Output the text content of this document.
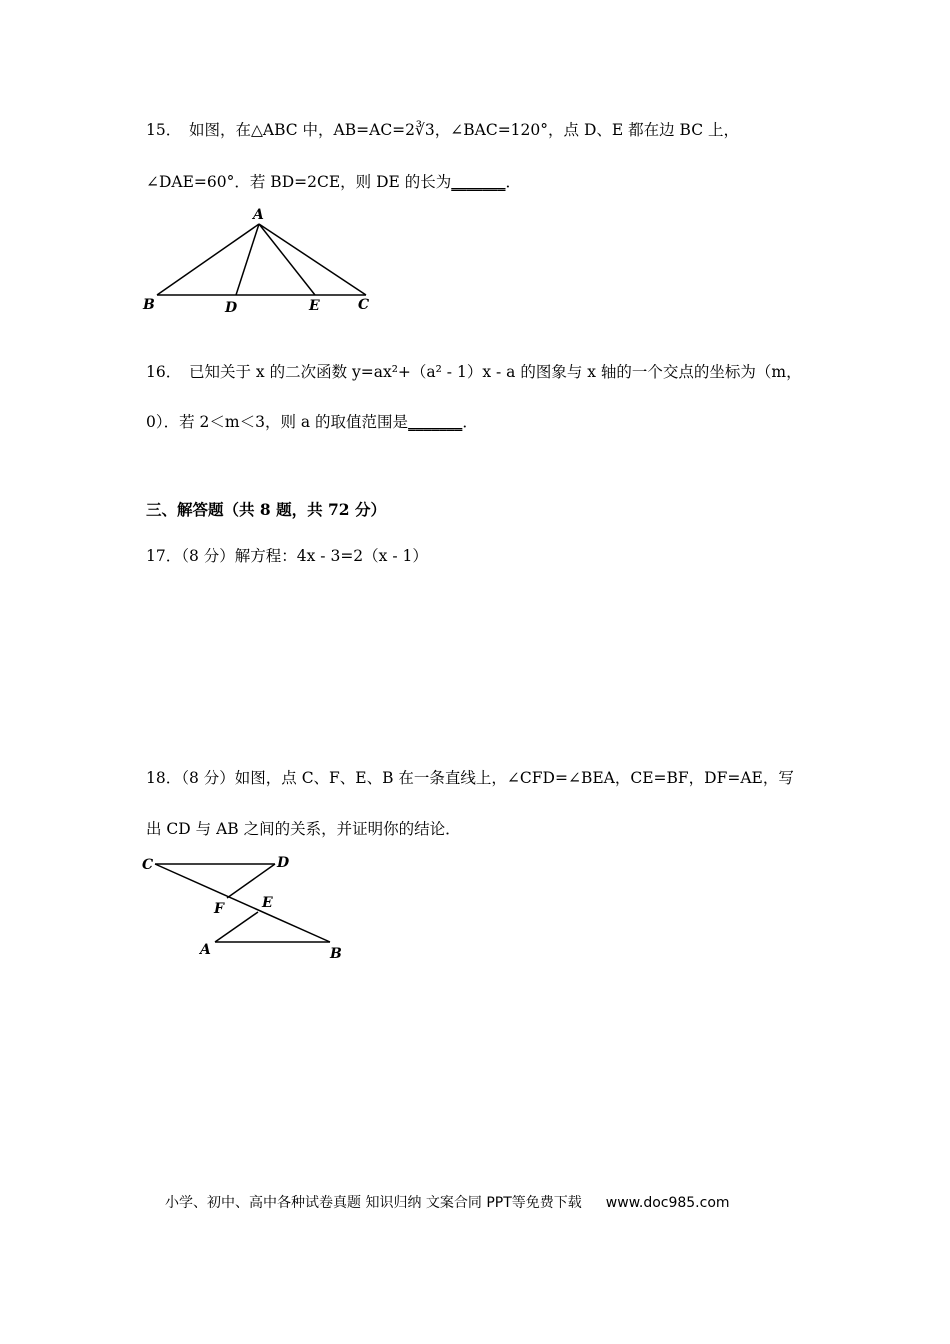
15．　如图，在△ABC 中，AB=AC=2∛3，∠BAC=120°，点 D、E 都在边 BC 上，
∠DAE=60°．若 BD=2CE，则 DE 的长为_______．
A
B	D	E	C
16．　已知关于 x 的二次函数 y=ax²+（a² ‑ 1）x ‑ a 的图象与 x 轴的一个交点的坐标为（m，
0）．若 2＜m＜3，则 a 的取值范围是_______．
三、解答题（共 8 题，共 72 分）
17．（8 分）解方程：4x ‑ 3=2（x ‑ 1）
18．（8 分）如图，点 C、F、E、B 在一条直线上，∠CFD=∠BEA，CE=BF，DF=AE，写
出 CD 与 AB 之间的关系，并证明你的结论．
C	D
F	E
A	B
小学、初中、高中各种试卷真题 知识归纳 文案合同 PPT等免费下载 www.doc985.com
